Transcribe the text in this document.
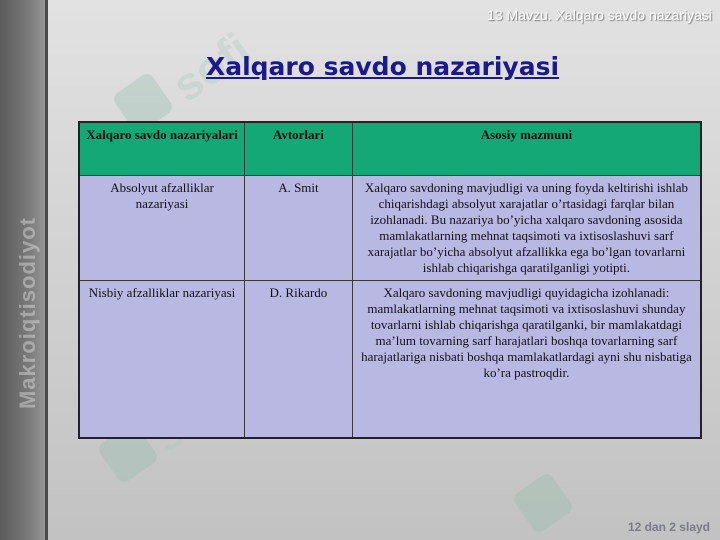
Makroiqtisodiyot
sofi
13 Mavzu. Xalqaro savdo nazariyasi
Xalqaro savdo nazariyasi
Xalqaro savdo nazariyalari	Avtorlari	Asosiy mazmuni
Absolyut afzalliklar nazariyasi	A. Smit	Xalqaro savdoning mavjudligi va uning foyda keltirishi ishlab chiqarishdagi absolyut xarajatlar o’rtasidagi farqlar bilan izohlanadi. Bu nazariya bo’yicha xalqaro savdoning asosida mamlakatlarning mehnat taqsimoti va ixtisoslashuvi sarf xarajatlar bo’yicha absolyut afzallikka ega bo’lgan tovarlarni ishlab chiqarishga qaratilganligi yotipti.
Nisbiy afzalliklar nazariyasi	D. Rikardo	Xalqaro savdoning mavjudligi quyidagicha izohlanadi: mamlakatlarning mehnat taqsimoti va ixtisoslashuvi shunday tovarlarni ishlab chiqarishga qaratilganki, bir mamlakatdagi ma’lum tovarning sarf harajatlari boshqa tovarlarning sarf harajatlariga nisbati boshqa mamlakatlardagi ayni shu nisbatiga ko’ra pastroqdir.
12 dan 2 slayd
